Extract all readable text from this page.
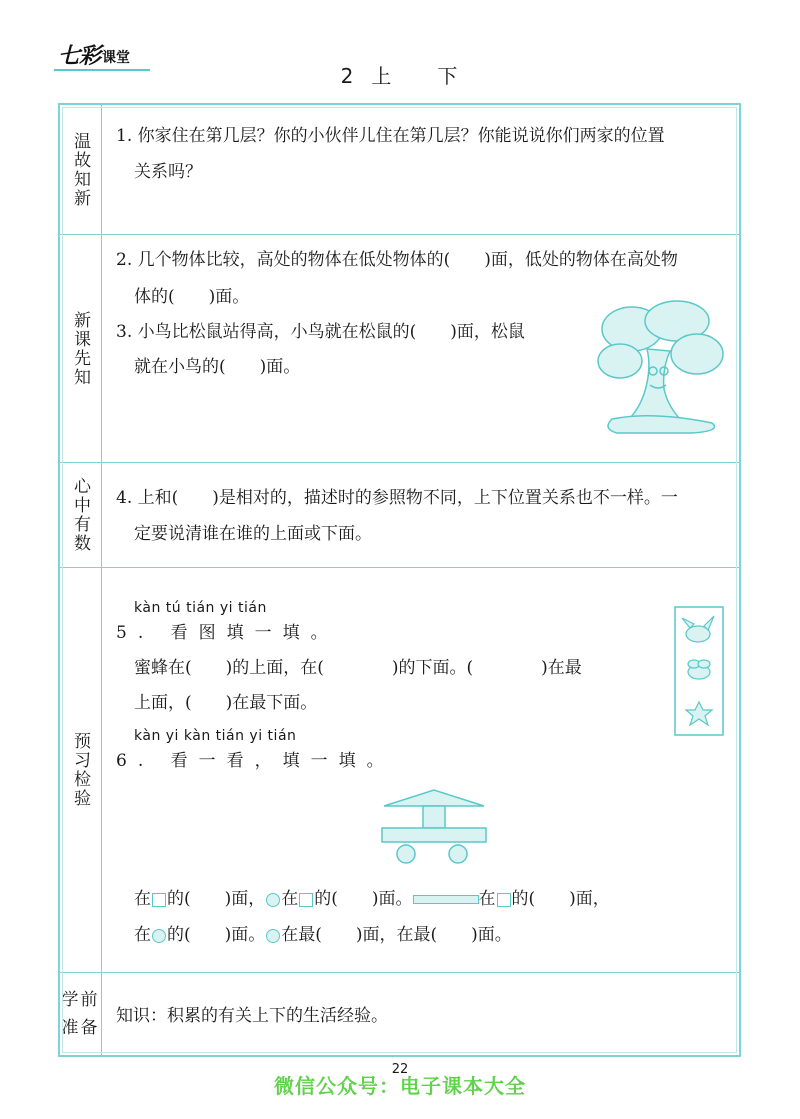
七彩 课堂
2 上 下
温故知新 1. 你家住在第几层？你的小伙伴儿住在第几层？你能说说你们两家的位置
关系吗？
新课先知
2. 几个物体比较，高处的物体在低处物体的(　　)面，低处的物体在高处物
体的(　　)面。
3. 小鸟比松鼠站得高，小鸟就在松鼠的(　　)面，松鼠
就在小鸟的(　　)面。
心中有数 4. 上和(　　)是相对的，描述时的参照物不同，上下位置关系也不一样。一
定要说清谁在谁的上面或下面。
预习检验
kàn tú tián yi tián
5. 看图填一填。
蜜蜂在(　　)的上面，在(　　　　)的下面。(　　　　)在最
上面，(　　)在最下面。
kàn yi kàn tián yi tián
6. 看一看，填一填。
在 的(　　)面， 在 的(　　)面。	在 的(　　)面，
在 的(　　)面。 在最(　　)面，在最(　　)面。
学前准备
知识：积累的有关上下的生活经验。
22
微信公众号：电子课本大全
